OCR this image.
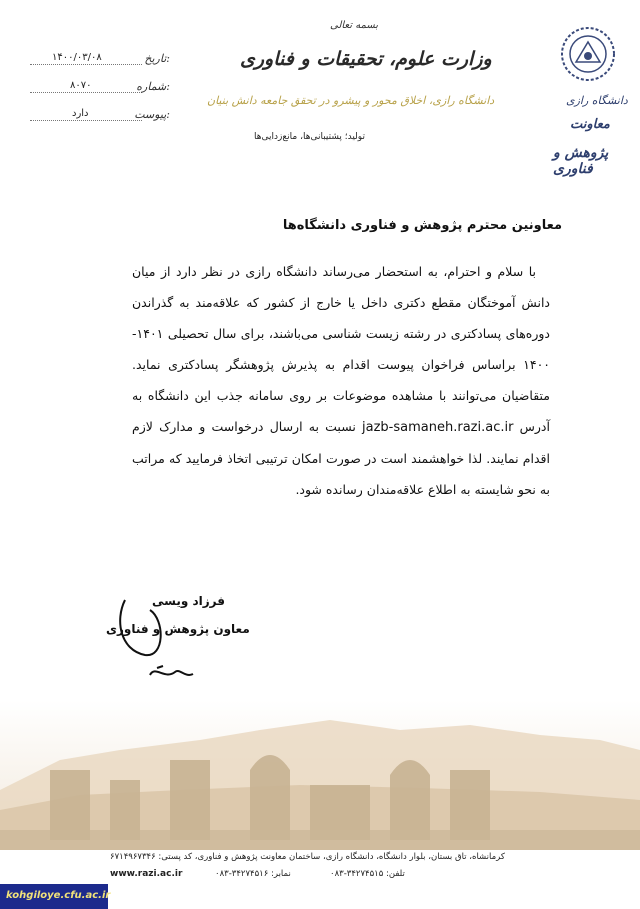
۱۴۰۰/۰۳/۰۸	تاریخ:
۸۰۷۰	شماره:
دارد	پیوست:
بسمه تعالی
وزارت علوم، تحقیقات و فناوری
دانشگاه رازی، اخلاق محور و پیشرو در تحقق جامعه دانش بنیان
تولید؛ پشتیبانی‌ها، مانع‌زدایی‌ها
دانشگاه رازی
معاونت
پژوهش و فناوری
معاونین محترم پژوهش و فناوری دانشگاه‌ها
با سلام و احترام، به استحضار می‌رساند دانشگاه رازی در نظر دارد از میان دانش آموختگان مقطع دکتری داخل یا خارج از کشور که علاقه‌مند به گذراندن دوره‌های پسادکتری در رشته زیست شناسی می‌باشند، برای سال تحصیلی ۱۴۰۱- ۱۴۰۰ براساس فراخوان پیوست اقدام به پذیرش پژوهشگر پسادکتری نماید. متقاضیان می‌توانند با مشاهده موضوعات بر روی سامانه جذب این دانشگاه به آدرس jazb-samaneh.razi.ac.ir نسبت به ارسال درخواست و مدارک لازم اقدام نمایند. لذا خواهشمند است در صورت امکان ترتیبی اتخاذ فرمایید که مراتب به نحو شایسته به اطلاع علاقه‌مندان رسانده شود.
فرزاد ویسی
معاون پژوهش و فناوری
کرمانشاه، تاق بستان، بلوار دانشگاه، دانشگاه رازی، ساختمان معاونت پژوهش و فناوری، کد پستی: ۶۷۱۴۹۶۷۳۴۶
تلفن: ۳۴۲۷۴۵۱۵-۰۸۳
نمابر: ۳۴۲۷۴۵۱۶-۰۸۳
www.razi.ac.ir
kohgiloye.cfu.ac.ir
